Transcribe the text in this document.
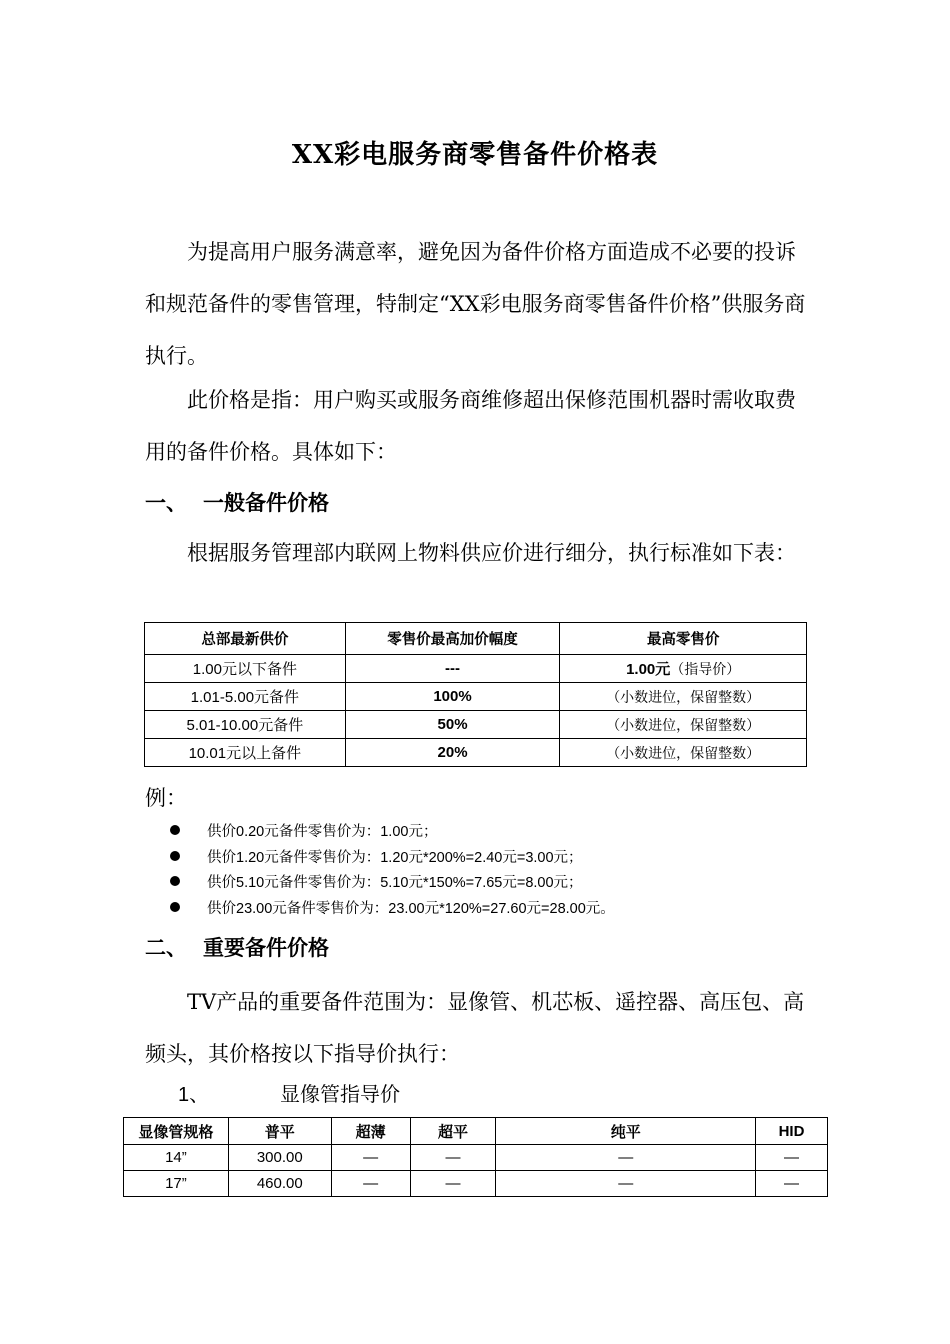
XX彩电服务商零售备件价格表
为提高用户服务满意率，避免因为备件价格方面造成不必要的投诉和规范备件的零售管理，特制定“XX彩电服务商零售备件价格”供服务商执行。
此价格是指：用户购买或服务商维修超出保修范围机器时需收取费用的备件价格。具体如下：
一、 一般备件价格
根据服务管理部内联网上物料供应价进行细分，执行标准如下表：
总部最新供价	零售价最高加价幅度	最高零售价
1.00元以下备件	---	1.00元（指导价）
1.01-5.00元备件	100%	（小数进位，保留整数）
5.01-10.00元备件	50%	（小数进位，保留整数）
10.01元以上备件	20%	（小数进位，保留整数）
例：
供价0.20元备件零售价为：1.00元；
供价1.20元备件零售价为：1.20元*200%=2.40元=3.00元；
供价5.10元备件零售价为：5.10元*150%=7.65元=8.00元；
供价23.00元备件零售价为：23.00元*120%=27.60元=28.00元。
二、 重要备件价格
TV产品的重要备件范围为：显像管、机芯板、遥控器、高压包、高频头，其价格按以下指导价执行：
1、	显像管指导价
显像管规格	普平	超薄	超平	纯平	HID
14”	300.00	—	—	—	—
17”	460.00	—	—	—	—
